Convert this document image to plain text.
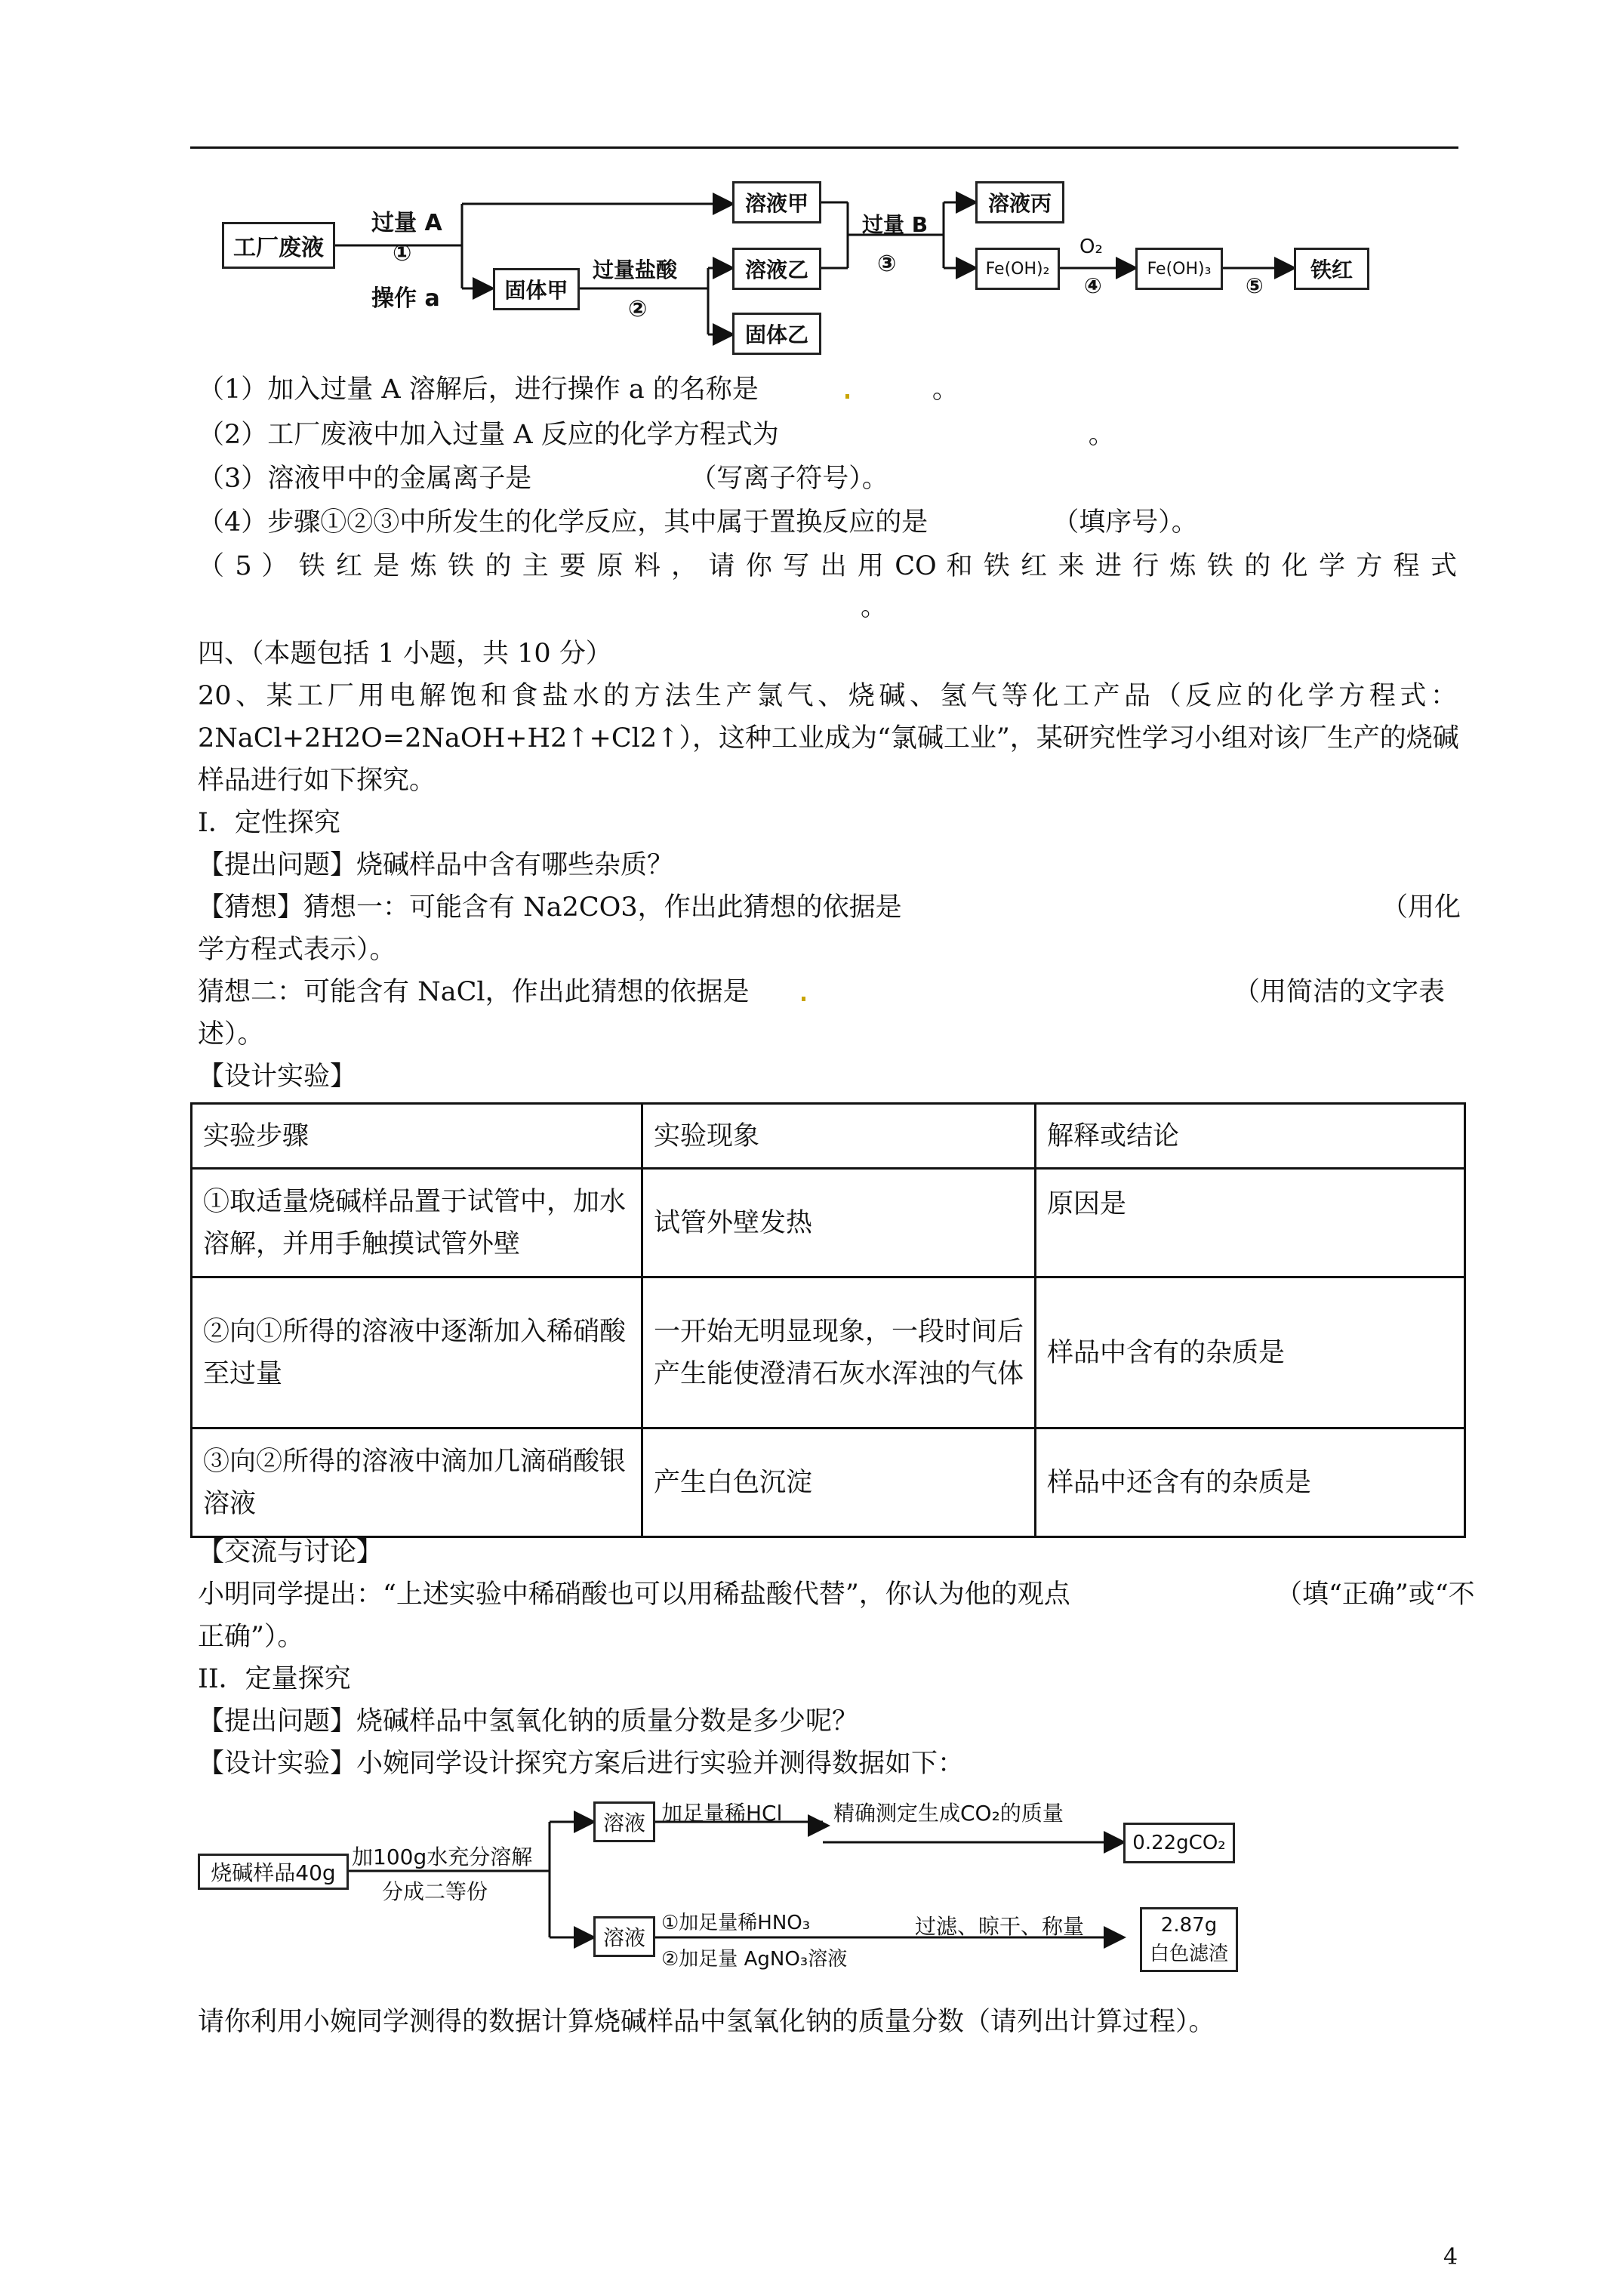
工厂废液
过量 A
①
操作 a	固体甲
过量盐酸
②
溶液甲
溶液乙
固体乙
过量 B
③
溶液丙
Fe(OH)₂
O₂
④
Fe(OH)₃
⑤
铁红
（1）加入过量 A 溶解后，进行操作 a 的名称是	。
（2）工厂废液中加入过量 A 反应的化学方程式为	。
（3）溶液甲中的金属离子是	（写离子符号）。
（4）步骤①②③中所发生的化学反应，其中属于置换反应的是	（填序号）。
（ 5 ） 铁 红 是 炼 铁 的 主 要 原 料 ， 请 你 写 出 用 CO 和 铁 红 来 进 行 炼 铁 的 化 学 方 程 式
。
四、（本题包括 1 小题，共 10 分）
20、某工厂用电解饱和食盐水的方法生产氯气、烧碱、氢气等化工产品（反应的化学方程式：
2NaCl+2H2O=2NaOH+H2↑+Cl2↑），这种工业成为“氯碱工业”，某研究性学习小组对该厂生产的烧碱
样品进行如下探究。
I．定性探究
【提出问题】烧碱样品中含有哪些杂质？
【猜想】猜想一：可能含有 Na2CO3，作出此猜想的依据是	（用化
学方程式表示）。
猜想二：可能含有 NaCl，作出此猜想的依据是	（用简洁的文字表
述）。
【设计实验】
实验步骤	实验现象	解释或结论
①取适量烧碱样品置于试管中，加水溶解，并用手触摸试管外壁	试管外壁发热	原因是
②向①所得的溶液中逐渐加入稀硝酸至过量	一开始无明显现象，一段时间后产生能使澄清石灰水浑浊的气体	样品中含有的杂质是
③向②所得的溶液中滴加几滴硝酸银溶液	产生白色沉淀	样品中还含有的杂质是
【交流与讨论】
小明同学提出：“上述实验中稀硝酸也可以用稀盐酸代替”，你认为他的观点	（填“正确”或“不
正确”）。
II．定量探究
【提出问题】烧碱样品中氢氧化钠的质量分数是多少呢？
【设计实验】小婉同学设计探究方案后进行实验并测得数据如下：
烧碱样品40g
加100g水充分溶解
分成二等份
溶液 加足量稀HCl 精确测定生成CO₂的质量
0.22gCO₂
溶液
①加足量稀HNO₃
②加足量 AgNO₃溶液
过滤、晾干、称量	2.87g
白色滤渣
请你利用小婉同学测得的数据计算烧碱样品中氢氧化钠的质量分数（请列出计算过程）。
4
